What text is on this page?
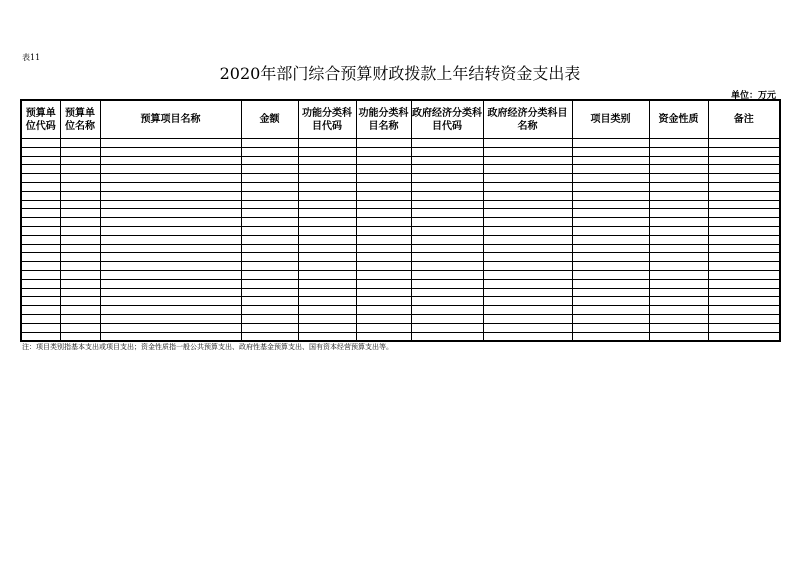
表11
2020年部门综合预算财政拨款上年结转资金支出表
单位：万元
预算单位代码	预算单位名称	预算项目名称	金额	功能分类科目代码	功能分类科目名称	政府经济分类科目代码	政府经济分类科目名称	项目类别	资金性质	备注

注：项目类别指基本支出或项目支出；资金性质指一般公共预算支出、政府性基金预算支出、国有资本经营预算支出等。
